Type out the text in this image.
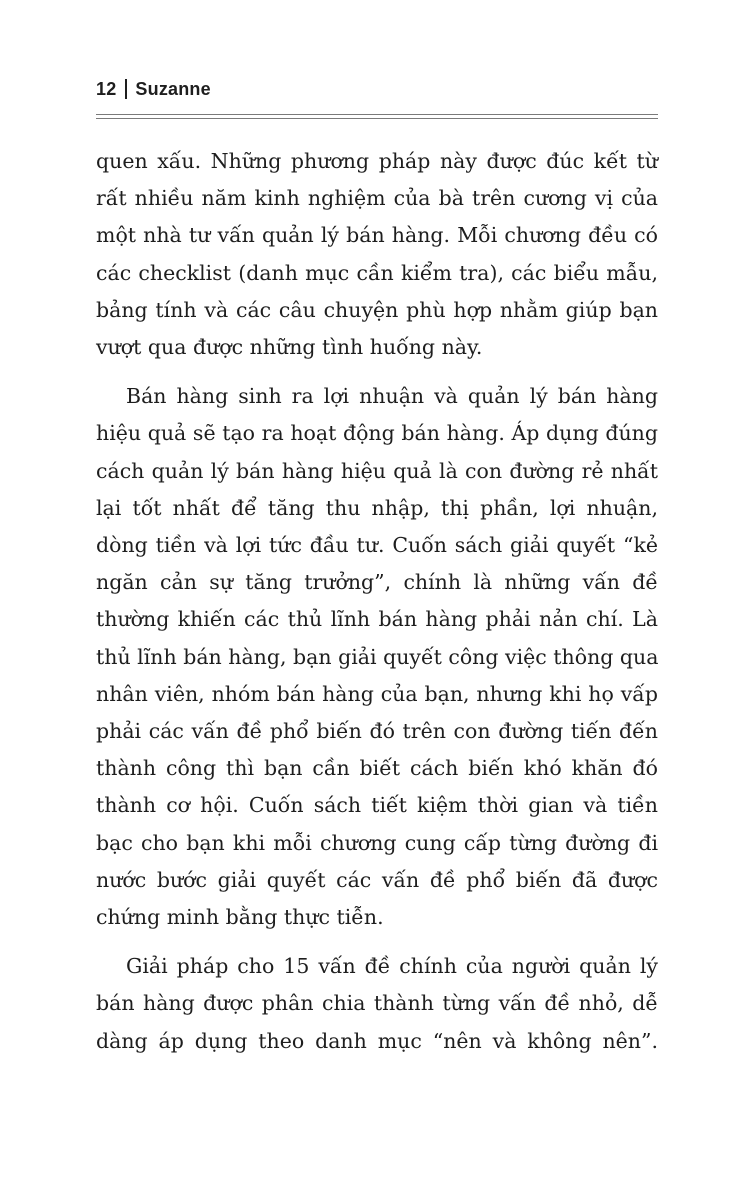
12 Suzanne

quen xấu. Những phương pháp này được đúc kết từ
rất nhiều năm kinh nghiệm của bà trên cương vị của
một nhà tư vấn quản lý bán hàng. Mỗi chương đều có
các checklist (danh mục cần kiểm tra), các biểu mẫu,
bảng tính và các câu chuyện phù hợp nhằm giúp bạn
vượt qua được những tình huống này.

Bán hàng sinh ra lợi nhuận và quản lý bán hàng
hiệu quả sẽ tạo ra hoạt động bán hàng. Áp dụng đúng
cách quản lý bán hàng hiệu quả là con đường rẻ nhất
lại tốt nhất để tăng thu nhập, thị phần, lợi nhuận,
dòng tiền và lợi tức đầu tư. Cuốn sách giải quyết “kẻ
ngăn cản sự tăng trưởng”, chính là những vấn đề
thường khiến các thủ lĩnh bán hàng phải nản chí. Là
thủ lĩnh bán hàng, bạn giải quyết công việc thông qua
nhân viên, nhóm bán hàng của bạn, nhưng khi họ vấp
phải các vấn đề phổ biến đó trên con đường tiến đến
thành công thì bạn cần biết cách biến khó khăn đó
thành cơ hội. Cuốn sách tiết kiệm thời gian và tiền
bạc cho bạn khi mỗi chương cung cấp từng đường đi
nước bước giải quyết các vấn đề phổ biến đã được
chứng minh bằng thực tiễn.

Giải pháp cho 15 vấn đề chính của người quản lý
bán hàng được phân chia thành từng vấn đề nhỏ, dễ
dàng áp dụng theo danh mục “nên và không nên”.
